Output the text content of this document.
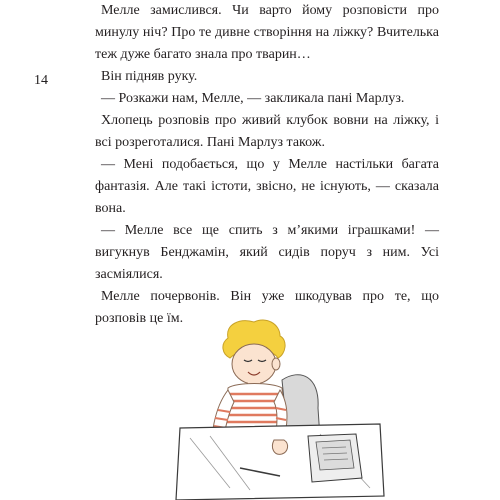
14

Мелле замислився. Чи варто йому розповісти про минулу ніч? Про те дивне створіння на ліжку? Вчителька теж дуже багато знала про тварин…

Він підняв руку.

— Розкажи нам, Мелле, — закликала пані Марлуз.

Хлопець розповів про живий клубок вовни на ліжку, і всі розреготалися. Пані Марлуз також.

— Мені подобається, що у Мелле настільки багата фантазія. Але такі істоти, звісно, не існують, — сказала вона.

— Мелле все ще спить з м’якими іграшками! — вигукнув Бенджамін, який сидів поруч з ним. Усі засміялися.

Мелле почервонів. Він уже шкодував про те, що розповів це їм.
